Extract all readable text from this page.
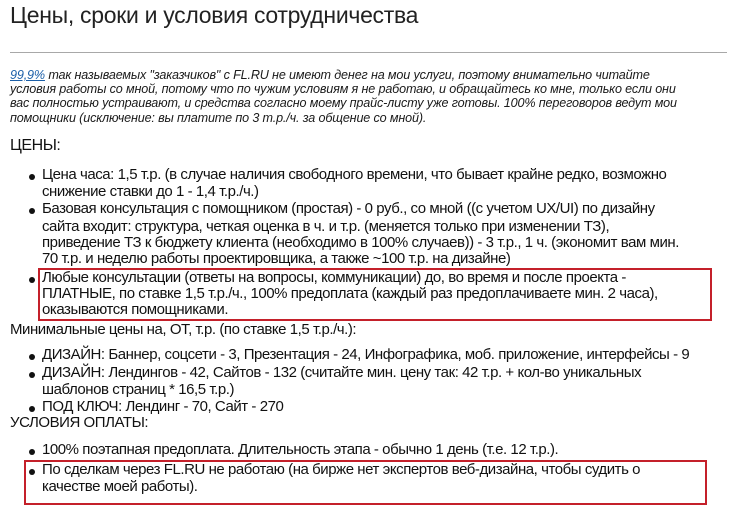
Цены, сроки и условия сотрудничества
99,9% так называемых "заказчиков" с FL.RU не имеют денег на мои услуги, поэтому внимательно читайте
условия работы со мной, потому что по чужим условиям я не работаю, и обращайтесь ко мне, только если они
вас полностью устраивают, и средства согласно моему прайс-листу уже готовы. 100% переговоров ведут мои
помощники (исключение: вы платите по 3 т.р./ч. за общение со мной).
ЦЕНЫ:
Цена часа: 1,5 т.р. (в случае наличия свободного времени, что бывает крайне редко, возможно
снижение ставки до 1 - 1,4 т.р./ч.)
Базовая консультация с помощником (простая) - 0 руб., со мной ((с учетом UX/UI) по дизайну
сайта входит: структура, четкая оценка в ч. и т.р. (меняется только при изменении ТЗ),
приведение ТЗ к бюджету клиента (необходимо в 100% случаев)) - 3 т.р., 1 ч. (экономит вам мин.
70 т.р. и неделю работы проектировщика, а также ~100 т.р. на дизайне)
Любые консультации (ответы на вопросы, коммуникации) до, во время и после проекта -
ПЛАТНЫЕ, по ставке 1,5 т.р./ч., 100% предоплата (каждый раз предоплачиваете мин. 2 часа),
оказываются помощниками.
Минимальные цены на, ОТ, т.р. (по ставке 1,5 т.р./ч.):
ДИЗАЙН: Баннер, соцсети - 3, Презентация - 24, Инфографика, моб. приложение, интерфейсы - 9
ДИЗАЙН: Лендингов - 42, Сайтов - 132 (считайте мин. цену так: 42 т.р. + кол-во уникальных
шаблонов страниц * 16,5 т.р.)
ПОД КЛЮЧ: Лендинг - 70, Сайт - 270
УСЛОВИЯ ОПЛАТЫ:
100% поэтапная предоплата. Длительность этапа - обычно 1 день (т.е. 12 т.р.).
По сделкам через FL.RU не работаю (на бирже нет экспертов веб-дизайна, чтобы судить о
качестве моей работы).
